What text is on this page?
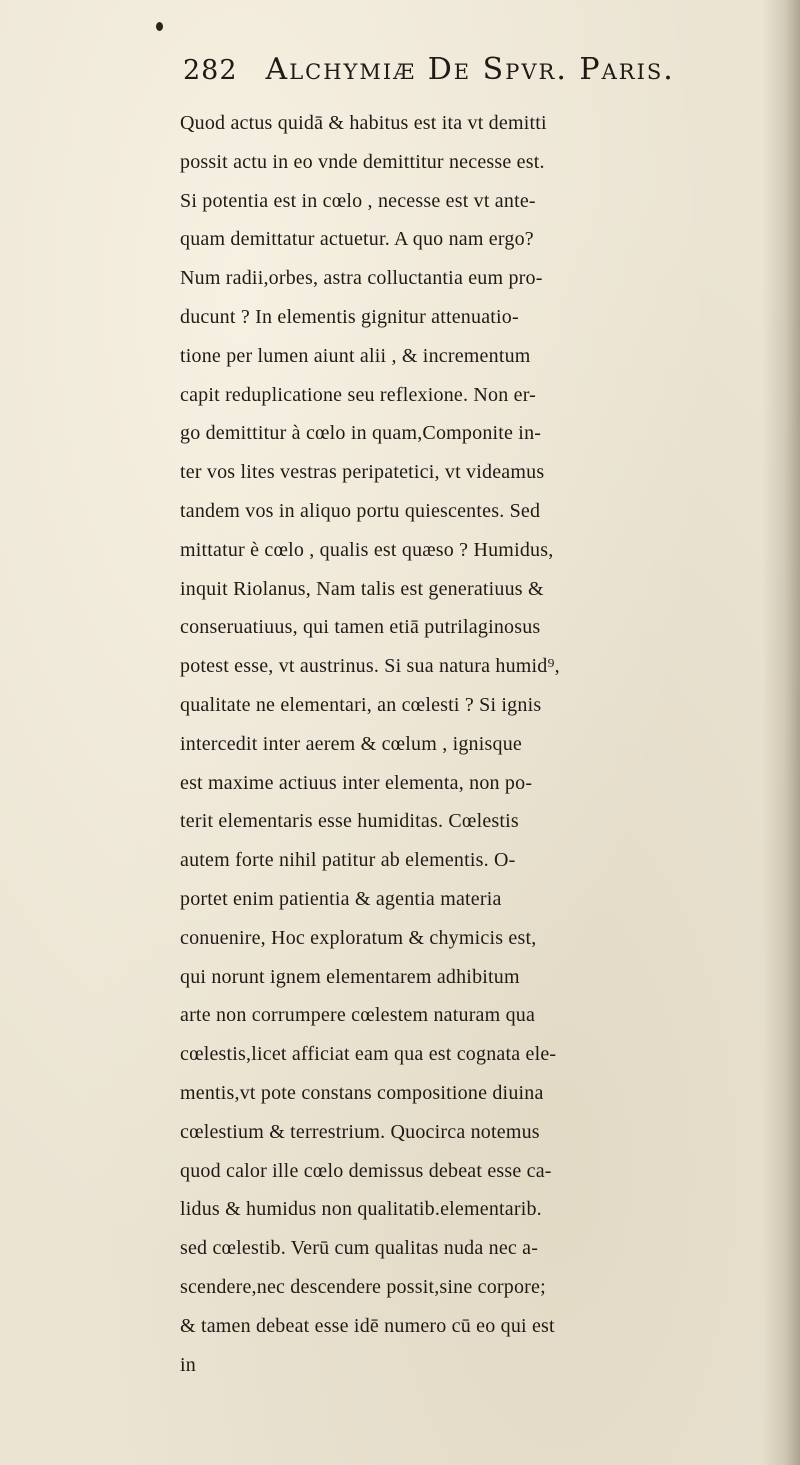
282 Alchymiæ De Spvr. Paris.
Quod actus quidā & habitus est ita vt demitti
possit actu in eo vnde demittitur necesse est.
Si potentia est in cœlo , necesse est vt ante-
quam demittatur actuetur. A quo nam ergo?
Num radii,orbes, astra colluctantia eum pro-
ducunt ? In elementis gignitur attenuatio-
tione per lumen aiunt alii , & incrementum
capit reduplicatione seu reflexione. Non er-
go demittitur à cœlo in quam,Componite in-
ter vos lites vestras peripatetici, vt videamus
tandem vos in aliquo portu quiescentes. Sed
mittatur è cœlo , qualis est quæso ? Humidus,
inquit Riolanus, Nam talis est generatiuus &
conseruatiuus, qui tamen etiā putrilaginosus
potest esse, vt austrinus. Si sua natura humid⁹,
qualitate ne elementari, an cœlesti ? Si ignis
intercedit inter aerem & cœlum , ignisque
est maxime actiuus inter elementa, non po-
terit elementaris esse humiditas. Cœlestis
autem forte nihil patitur ab elementis. O-
portet enim patientia & agentia materia
conuenire, Hoc exploratum & chymicis est,
qui norunt ignem elementarem adhibitum
arte non corrumpere cœlestem naturam qua
cœlestis,licet afficiat eam qua est cognata ele-
mentis,vt pote constans compositione diuina
cœlestium & terrestrium. Quocirca notemus
quod calor ille cœlo demissus debeat esse ca-
lidus & humidus non qualitatib.elementarib.
sed cœlestib. Verū cum qualitas nuda nec a-
scendere,nec descendere possit,sine corpore;
& tamen debeat esse idē numero cū eo qui est
in
